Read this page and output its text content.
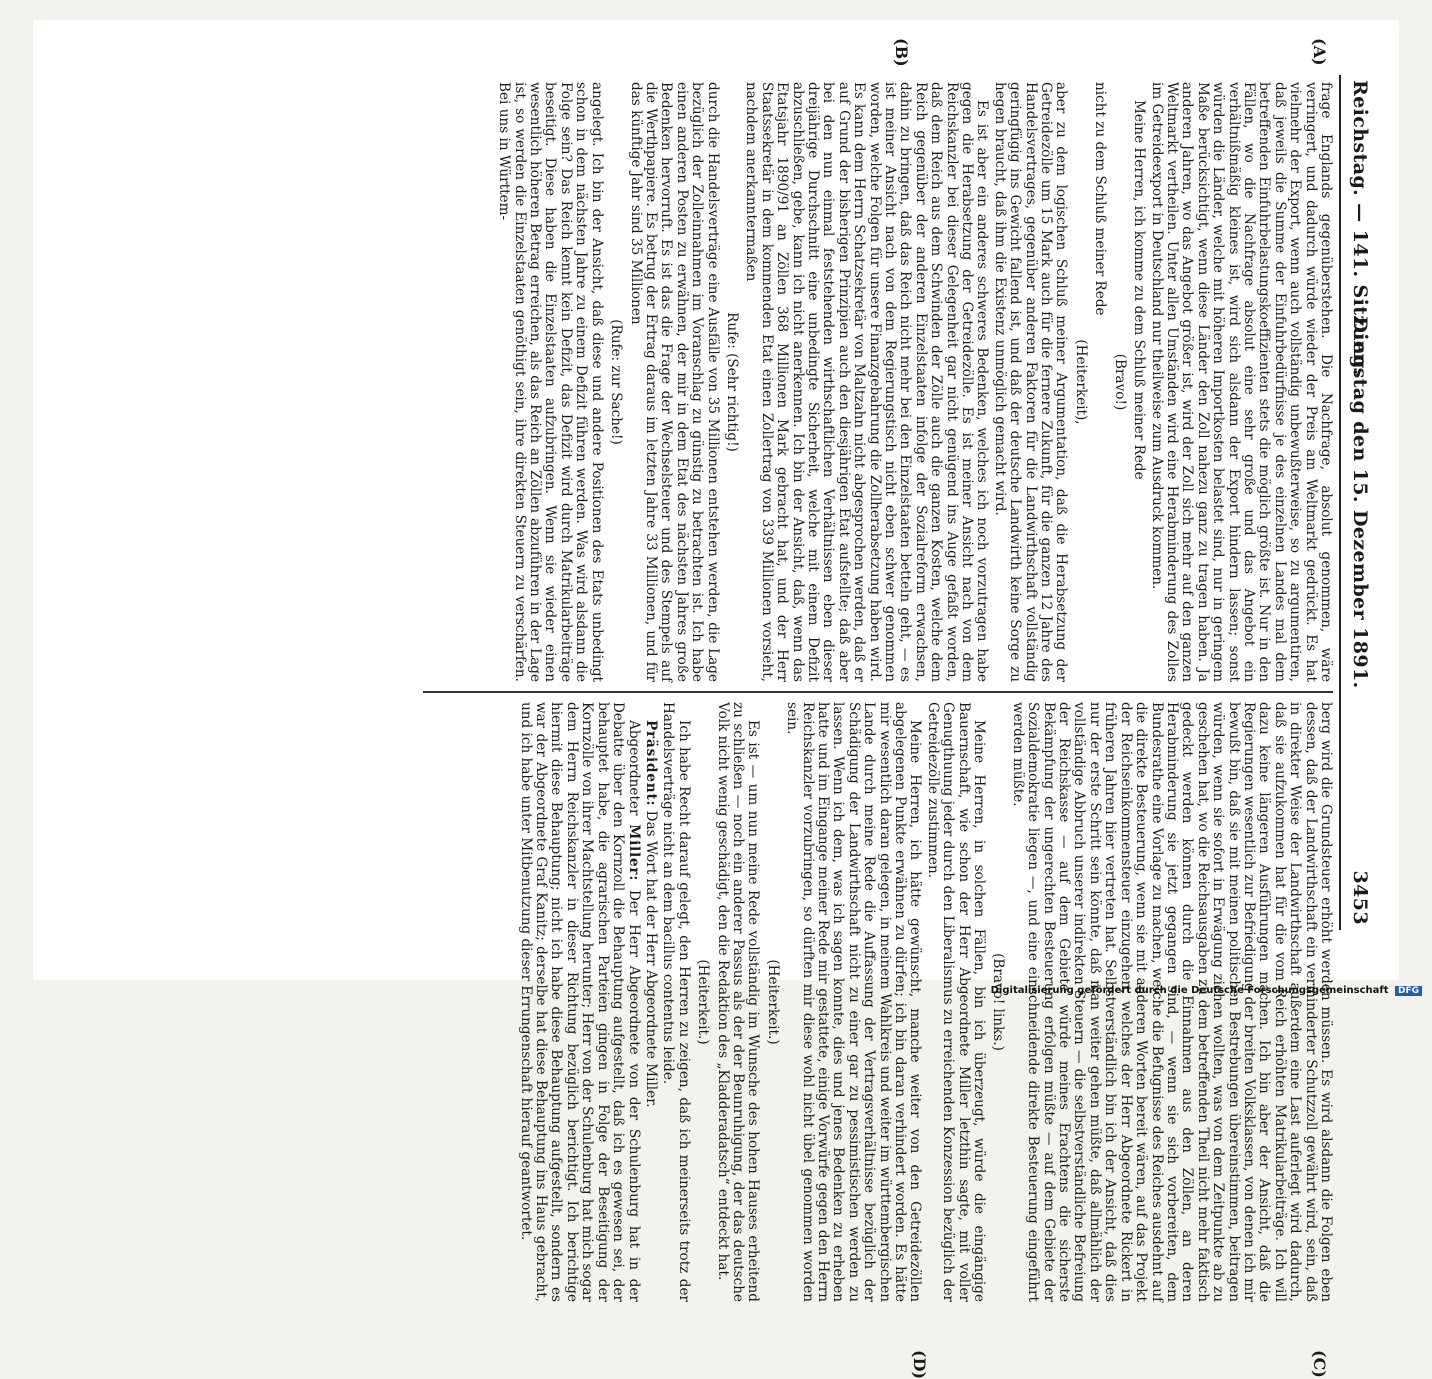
Reichstag. — 141. Sitzung.
Dienstag den 15. Dezember 1891.
3453
(A)
(B)
(C)
(D)

frage Englands gegenüberstehen. Die Nachfrage, absolut genommen, wäre verringert, und dadurch würde wieder der Preis am Weltmarkt gedrückt. Es hat vielmehr der Export, wenn auch vollständig unbewußterweise, so zu argumentiren, daß jeweils die Summe der Einfuhrbedürfnisse je des einzelnen Landes mal dem betreffenden Einfuhrbelastungskoeffizienten stets die möglich größte ist. Nur in den Fällen, wo die Nachfrage absolut eine sehr große und das Angebot ein verhältnißmäßig kleines ist, wird sich alsdann der Export hindern lassen; sonst würden die Länder, welche mit höheren Importkosten belastet sind, nur in geringem Maße berücksichtigt, wenn diese Länder den Zoll nahezu ganz zu tragen haben. Ja anderen Jahren, wo das Angebot größer ist, wird der Zoll sich mehr auf den ganzen Weltmarkt vertheilen. Unter allen Umständen wird eine Herabminderung des Zolles im Getreideexport in Deutschland nur theilweise zum Ausdruck kommen.

Meine Herren, ich komme zu dem Schluß meiner Rede

(Bravo!)

nicht zu dem Schluß meiner Rede

(Heiterkeit),

aber zu dem logischen Schluß meiner Argumentation, daß die Herabsetzung der Getreidezölle um 15 Mark auch für die fernere Zukunft, für die ganzen 12 Jahre des Handelsvertrages, gegenüber anderen Faktoren für die Landwirthschaft vollständig geringfügig ins Gewicht fallend ist, und daß der deutsche Landwirth keine Sorge zu hegen braucht, daß ihm die Existenz unmöglich gemacht wird.

Es ist aber ein anderes schweres Bedenken, welches ich noch vorzutragen habe gegen die Herabsetzung der Getreidezölle. Es ist meiner Ansicht nach von dem Reichskanzler bei dieser Gelegenheit gar nicht genügend ins Auge gefaßt worden, daß dem Reich aus dem Schwinden der Zölle auch die ganzen Kosten, welche dem Reich gegenüber der anderen Einzelstaaten infolge der Sozialreform erwachsen, dahin zu bringen, daß das Reich nicht mehr bei den Einzelstaaten betteln geht, — es ist meiner Ansicht nach von dem Regierungstisch nicht eben schwer genommen worden, welche Folgen für unsere Finanzgebahrung die Zollherabsetzung haben wird. Es kann dem Herrn Schatzsekretär von Maltzahn nicht abgesprochen werden, daß er auf Grund der bisherigen Prinzipien auch den diesjährigen Etat aufstellte; daß aber bei den nun einmal feststehenden wirthschaftlichen Verhältnissen eben dieser dreijährige Durchschnitt eine unbedingte Sicherheit, welche mit einem Defizit abzuschließen, gebe, kann ich nicht anerkennen. Ich bin der Ansicht, daß, wenn das Etatsjahr 1890/91 an Zöllen 368 Millionen Mark gebracht hat, und der Herr Staatssekretär in dem kommenden Etat einen Zollertrag von 339 Millionen vorsieht, nachdem anerkanntermaßen

Rufe: (Sehr richtig!)

durch die Handelsverträge eine Ausfälle von 35 Millionen entstehen werden, die Lage bezüglich der Zolleinnahmen im Voranschlag zu günstig zu betrachten ist. Ich habe einen anderen Posten zu erwähnen, der mir in dem Etat des nächsten Jahres große Bedenken hervorruft. Es ist das die Frage der Wechselsteuer und des Stempels auf die Werthpapiere. Es betrug der Ertrag daraus im letzten Jahre 33 Millionen, und für das künftige Jahr sind 35 Millionen

(Rufe: zur Sache!)

angelegt. Ich bin der Ansicht, daß diese und andere Positionen des Etats unbedingt schon in dem nächsten Jahre zu einem Defizit führen werden. Was wird alsdann die Folge sein? Das Reich kennt kein Defizit, das Defizit wird durch Matrikularbeiträge beseitigt. Diese haben die Einzelstaaten aufzubringen. Wenn sie wieder einen wesentlich höheren Betrag erreichen, als das Reich an Zöllen abzuführen in der Lage ist, so werden die Einzelstaaten genöthigt sein, ihre direkten Steuern zu verschärfen. Bei uns in Württem-

berg wird die Grundsteuer erhöht werden müssen. Es wird alsdann die Folgen eben dessen, daß der Landwirthschaft ein verminderter Schutzzoll gewährt wird, sein, daß in direkter Weise der Landwirthschaft außerdem eine Last auferlegt wird dadurch, daß sie aufzukommen hat für die vom Reich erhöhten Matrikularbeiträge. Ich will dazu keine längeren Ausführungen machen. Ich bin aber der Ansicht, daß die Regierungen wesentlich zur Befriedigung der breiten Volksklassen, von denen ich mir bewußt bin, daß sie mit meinen politischen Bestrebungen übereinstimmen, beitragen würden, wenn sie sofort in Erwägung ziehen wollten, was von dem Zeitpunkte ab zu geschehen hat, wo die Reichsausgaben zu dem betreffenden Theil nicht mehr faktisch gedeckt werden können durch die Einnahmen aus den Zöllen, an deren Herabminderung sie jetzt gegangen sind, — wenn sie sich vorbereiten, dem Bundesrathe eine Vorlage zu machen, welche die Befugnisse des Reiches ausdehnt auf die direkte Besteuerung, wenn sie mit anderen Worten bereit wären, auf das Projekt der Reichseinkommensteuer einzugehen, welches der Herr Abgeordnete Rickert in früheren Jahren hier vertreten hat. Selbstverständlich bin ich der Ansicht, daß dies nur der erste Schritt sein könnte, daß man weiter gehen müßte, daß allmählich der vollständige Abbruch unserer indirekten Steuern — die selbstverständliche Befreiung der Reichskasse — auf dem Gebiete würde meines Erachtens die sicherste Bekämpfung der ungerechten Besteuerung erfolgen müßte — auf dem Gebiete der Sozialdemokratie liegen —, und eine einschneidende direkte Besteuerung eingeführt werden müßte.

(Bravo! links.)

Meine Herren, in solchen Fällen, bin ich überzeugt, würde die eingängige Bauernschaft, wie schon der Herr Abgeordnete Miller letzthin sagte, mit voller Genugthuung jeder durch den Liberalismus zu erreichenden Konzession bezüglich der Getreidezölle zustimmen.

Meine Herren, ich hätte gewünscht, manche weiter von den Getreidezöllen abgelegenen Punkte erwähnen zu dürfen; ich bin daran verhindert worden. Es hätte mir wesentlich daran gelegen, in meinem Wahlkreis und weiter im württembergischen Lande durch meine Rede die Auffassung der Vertragsverhältnisse bezüglich der Schädigung der Landwirthschaft nicht zu einer gar zu pessimistischen werden zu lassen. Wenn ich dem, was ich sagen konnte, dies und jenes Bedenken zu erheben hatte und im Eingange meiner Rede mir gestattete, einige Vorwürfe gegen den Herrn Reichskanzler vorzubringen, so dürften mir diese wohl nicht übel genommen worden sein.

(Heiterkeit.)

Es ist — um nun meine Rede vollständig im Wunsche des hohen Hauses erheitend zu schließen — noch ein anderer Passus als der der Beunruhigung, der das deutsche Volk nicht wenig geschädigt, den die Redaktion des „Kladderadatsch“ entdeckt hat.

(Heiterkeit.)

Ich habe Recht darauf gelegt, den Herren zu zeigen, daß ich meinerseits trotz der Handelsverträge nicht an dem bacillus contentus leide.

Präsident: Das Wort hat der Herr Abgeordnete Miller.

Abgeordneter Miller: Der Herr Abgeordnete von der Schulenburg hat in der Debatte über den Kornzoll die Behauptung aufgestellt, daß ich es gewesen sei, der behauptet habe, die agrarischen Parteien gingen in Folge der Beseitigung der Kornzölle von ihrer Machtstellung herunter; Herr von der Schulenburg hat mich sogar dem Herrn Reichskanzler in dieser Richtung bezüglich berichtigt. Ich berichtige hiermit diese Behauptung; nicht ich habe diese Behauptung aufgestellt, sondern es war der Abgeordnete Graf Kanitz; derselbe hat diese Behauptung ins Haus gebracht, und ich habe unter Mitbenutzung dieser Errungenschaft hierauf geantwortet.	Digitalisierung gefördert durch die Deutsche Forschungsgemeinschaft DFG
